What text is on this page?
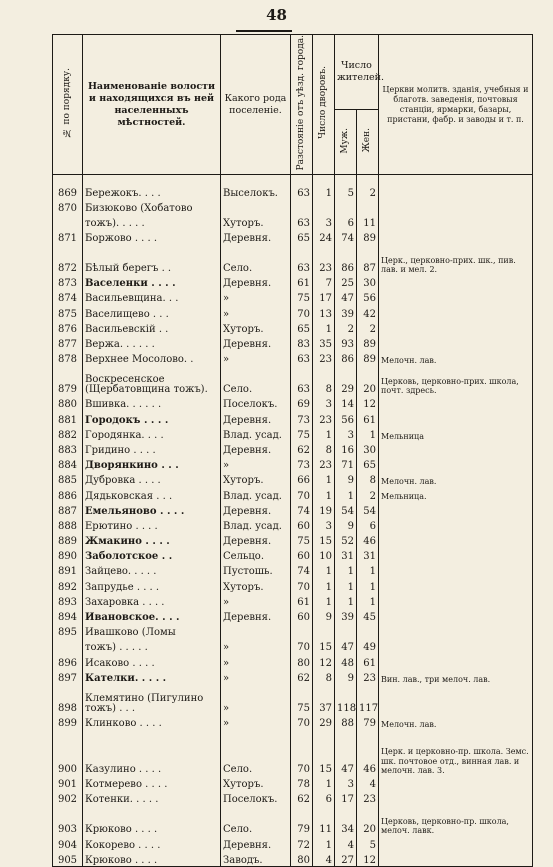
48
№ по порядку.	Наименованіе волости и находящихся въ ней населенныхъ мѣстностей.	Какого рода поселеніе.	Разстояніе отъ уѣзд. города.	Число дворовъ.	Число жителей.		Церкви молитв. зданія, учебныя и благотв. заведенія, почтовыя станціи, ярмарки, базары, пристани, фабр. и заводы и т. п.
					Муж.	Жен.	

869	Бережокъ. . . .	Выселокъ.	63	1	5	2	
870	Бизюково (Хобатово						
	тожъ). . . . .	Хуторъ.	63	3	6	11	
871	Боржово . . . .	Деревня.	65	24	74	89	
872	Бѣлый берегъ . .	Село.	63	23	86	87	Церк., церковно-прих. шк., пив. лав. и мел. 2.
873	Васеленки . . . .	Деревня.	61	7	25	30	
874	Васильевщина. . .	»	75	17	47	56	
875	Васелищево . . .	»	70	13	39	42	
876	Васильевскій . .	Хуторъ.	65	1	2	2	
877	Вержа. . . . . .	Деревня.	83	35	93	89	
878	Верхнее Мосолово. .	»	63	23	86	89	Мелочн. лав.
879	Воскресенское (Щербатовщина тожъ).	Село.	63	8	29	20	Церковь, церковно-прих. школа, почт. здресь.
880	Вшивка. . . . . .	Поселокъ.	69	3	14	12	
881	Городокъ . . . .	Деревня.	73	23	56	61	
882	Городянка. . . .	Влад. усад.	75	1	3	1	Мельница
883	Гридино . . . .	Деревня.	62	8	16	30	
884	Дворянкино . . .	»	73	23	71	65	
885	Дубровка . . . .	Хуторъ.	66	1	9	8	Мелочн. лав.
886	Дядьковская . . .	Влад. усад.	70	1	1	2	Мельница.
887	Емельяново . . . .	Деревня.	74	19	54	54	
888	Ерютино . . . .	Влад. усад.	60	3	9	6	
889	Жмакино . . . .	Деревня.	75	15	52	46	
890	Заболотское . .	Сельцо.	60	10	31	31	
891	Зайцево. . . . .	Пустошь.	74	1	1	1	
892	Запрудье . . . .	Хуторъ.	70	1	1	1	
893	Захаровка . . . .	»	61	1	1	1	
894	Ивановское. . . .	Деревня.	60	9	39	45	
895	Ивашково (Ломы						
	тожъ) . . . . .	»	70	15	47	49	
896	Исаково . . . .	»	80	12	48	61	
897	Кателки. . . . .	»	62	8	9	23	Вин. лав., три мелоч. лав.
898	Клемятино (Пигулино тожъ) . . .	»	75	37	118	117	
899	Клинково . . . .	»	70	29	88	79	Мелочн. лав.
900	Казулино . . . .	Село.	70	15	47	46	Церк. и церковно-пр. школа. Земс. шк. почтовое отд., винная лав. и мелочн. лав. 3.
901	Котмерево . . . .	Хуторъ.	78	1	3	4	
902	Котенки. . . . .	Поселокъ.	62	6	17	23	
903	Крюково . . . .	Село.	79	11	34	20	Церковь, церковно-пр. школа, мелоч. лавк.
904	Кокорево . . . .	Деревня.	72	1	4	5	
905	Крюково . . . .	Заводъ.	80	4	27	12	
